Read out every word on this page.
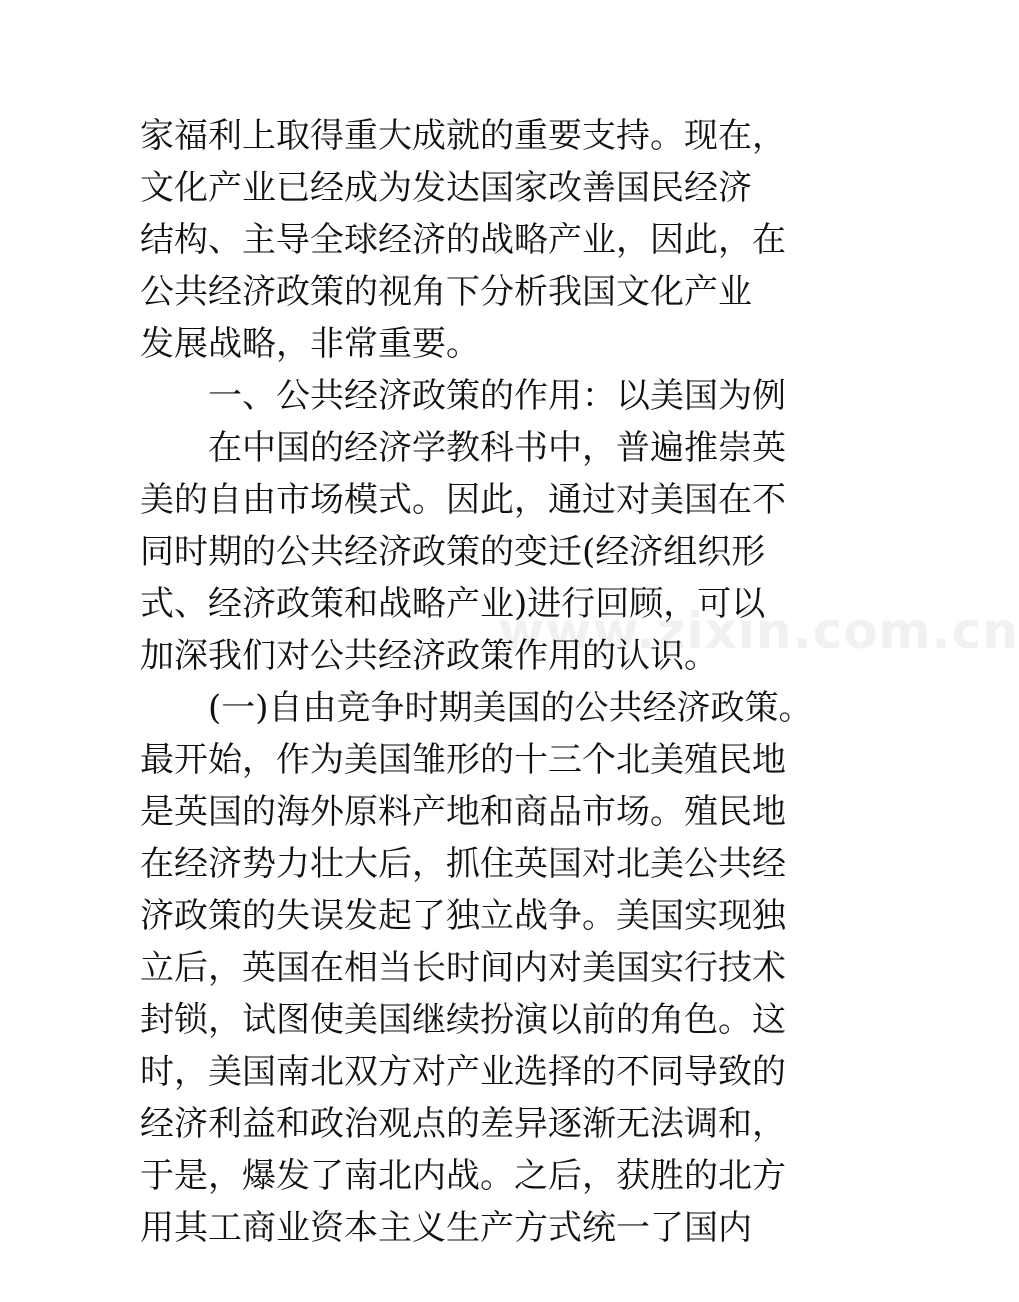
家福利上取得重大成就的重要支持。现在，
文化产业已经成为发达国家改善国民经济
结构、主导全球经济的战略产业，因此，在
公共经济政策的视角下分析我国文化产业
发展战略，非常重要。
一、公共经济政策的作用：以美国为例
在中国的经济学教科书中，普遍推崇英
美的自由市场模式。因此，通过对美国在不
同时期的公共经济政策的变迁(经济组织形
式、经济政策和战略产业)进行回顾，可以
加深我们对公共经济政策作用的认识。
(一)自由竞争时期美国的公共经济政策。
最开始，作为美国雏形的十三个北美殖民地
是英国的海外原料产地和商品市场。殖民地
在经济势力壮大后，抓住英国对北美公共经
济政策的失误发起了独立战争。美国实现独
立后，英国在相当长时间内对美国实行技术
封锁，试图使美国继续扮演以前的角色。这
时，美国南北双方对产业选择的不同导致的
经济利益和政治观点的差异逐渐无法调和，
于是，爆发了南北内战。之后，获胜的北方
用其工商业资本主义生产方式统一了国内
www.zixin.com.cn
